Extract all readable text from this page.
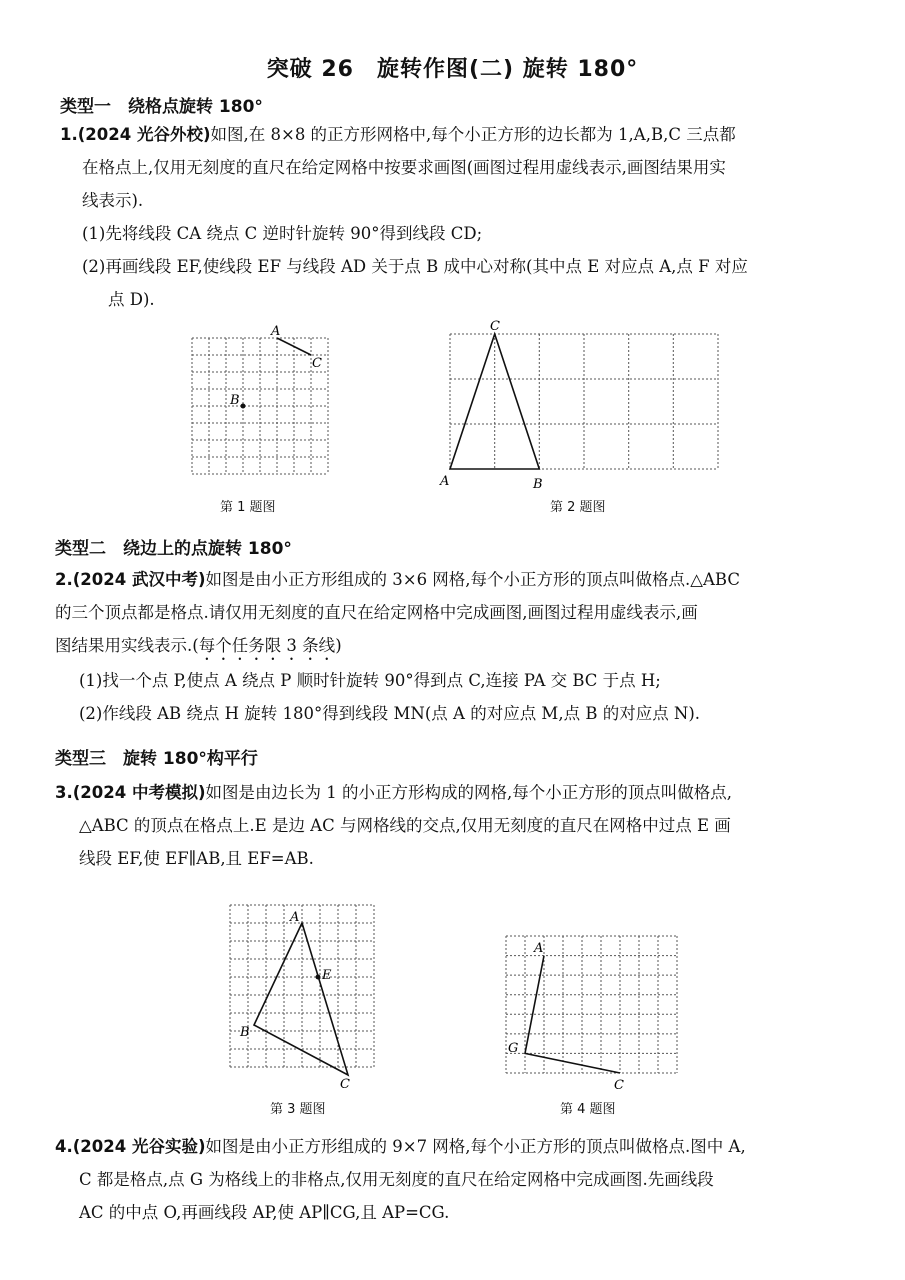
突破 26　旋转作图(二) 旋转 180°
类型一　绕格点旋转 180°
1.(2024 光谷外校)如图,在 8×8 的正方形网格中,每个小正方形的边长都为 1,A,B,C 三点都
在格点上,仅用无刻度的直尺在给定网格中按要求画图(画图过程用虚线表示,画图结果用实
线表示).
(1)先将线段 CA 绕点 C 逆时针旋转 90°得到线段 CD;
(2)再画线段 EF,使线段 EF 与线段 AD 关于点 B 成中心对称(其中点 E 对应点 A,点 F 对应
点 D).
A
C
B
第 1 题图
C
A	B
第 2 题图
类型二　绕边上的点旋转 180°
2.(2024 武汉中考)如图是由小正方形组成的 3×6 网格,每个小正方形的顶点叫做格点.△ABC
的三个顶点都是格点.请仅用无刻度的直尺在给定网格中完成画图,画图过程用虚线表示,画
图结果用实线表示.(每个任务限 3 条线)
(1)找一个点 P,使点 A 绕点 P 顺时针旋转 90°得到点 C,连接 PA 交 BC 于点 H;
(2)作线段 AB 绕点 H 旋转 180°得到线段 MN(点 A 的对应点 M,点 B 的对应点 N).
类型三　旋转 180°构平行
3.(2024 中考模拟)如图是由边长为 1 的小正方形构成的网格,每个小正方形的顶点叫做格点,
△ABC 的顶点在格点上.E 是边 AC 与网格线的交点,仅用无刻度的直尺在网格中过点 E 画
线段 EF,使 EF∥AB,且 EF=AB.
A
E
B
C
第 3 题图
A
G
C
第 4 题图
4.(2024 光谷实验)如图是由小正方形组成的 9×7 网格,每个小正方形的顶点叫做格点.图中 A,
C 都是格点,点 G 为格线上的非格点,仅用无刻度的直尺在给定网格中完成画图.先画线段
AC 的中点 O,再画线段 AP,使 AP∥CG,且 AP=CG.
